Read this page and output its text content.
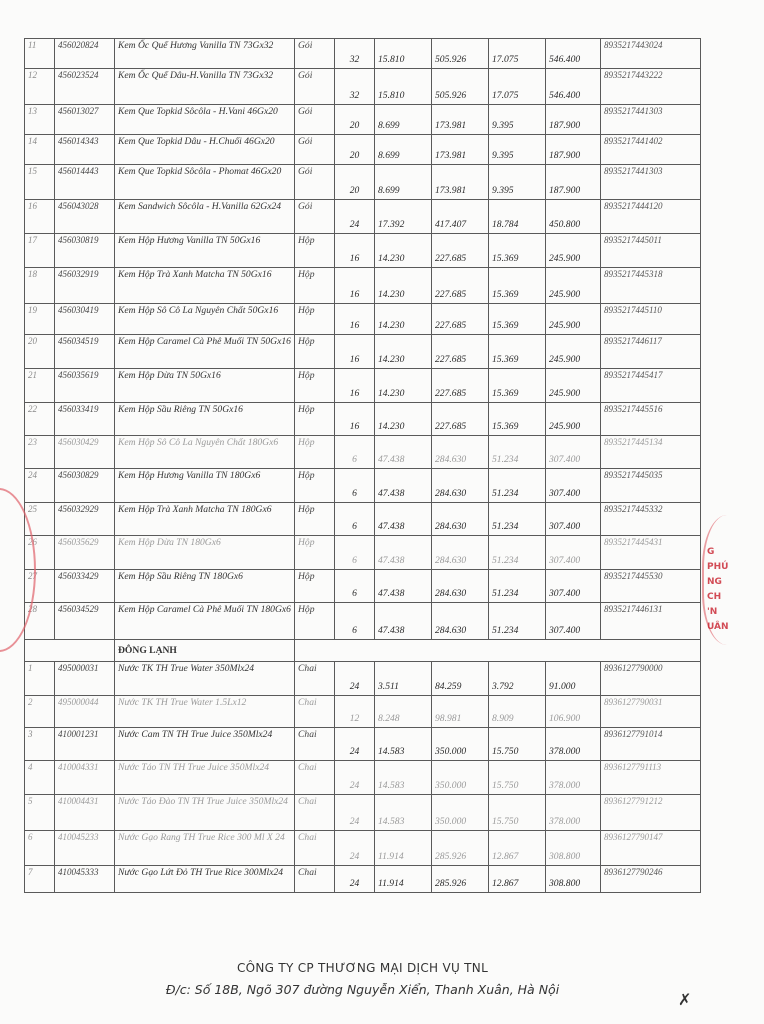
11	456020824	Kem Ốc Quế Hương Vanilla TN 73Gx32	Gói	32	15.810	505.926	17.075	546.400	8935217443024
12	456023524	Kem Ốc Quế Dâu-H.Vanilla TN 73Gx32	Gói	32	15.810	505.926	17.075	546.400	8935217443222
13	456013027	Kem Que Topkid Sôcôla - H.Vani 46Gx20	Gói	20	8.699	173.981	9.395	187.900	8935217441303
14	456014343	Kem Que Topkid Dâu - H.Chuối 46Gx20	Gói	20	8.699	173.981	9.395	187.900	8935217441402
15	456014443	Kem Que Topkid Sôcôla - Phomat 46Gx20	Gói	20	8.699	173.981	9.395	187.900	8935217441303
16	456043028	Kem Sandwich Sôcôla - H.Vanilla 62Gx24	Gói	24	17.392	417.407	18.784	450.800	8935217444120
17	456030819	Kem Hộp Hương Vanilla TN 50Gx16	Hộp	16	14.230	227.685	15.369	245.900	8935217445011
18	456032919	Kem Hộp Trà Xanh Matcha TN 50Gx16	Hộp	16	14.230	227.685	15.369	245.900	8935217445318
19	456030419	Kem Hộp Sô Cô La Nguyên Chất 50Gx16	Hộp	16	14.230	227.685	15.369	245.900	8935217445110
20	456034519	Kem Hộp Caramel Cà Phê Muối TN 50Gx16	Hộp	16	14.230	227.685	15.369	245.900	8935217446117
21	456035619	Kem Hộp Dừa TN 50Gx16	Hộp	16	14.230	227.685	15.369	245.900	8935217445417
22	456033419	Kem Hộp Sầu Riêng TN 50Gx16	Hộp	16	14.230	227.685	15.369	245.900	8935217445516
23	456030429	Kem Hộp Sô Cô La Nguyên Chất 180Gx6	Hộp	6	47.438	284.630	51.234	307.400	8935217445134
24	456030829	Kem Hộp Hương Vanilla TN 180Gx6	Hộp	6	47.438	284.630	51.234	307.400	8935217445035
25	456032929	Kem Hộp Trà Xanh Matcha TN 180Gx6	Hộp	6	47.438	284.630	51.234	307.400	8935217445332
26	456035629	Kem Hộp Dừa TN 180Gx6	Hộp	6	47.438	284.630	51.234	307.400	8935217445431
27	456033429	Kem Hộp Sầu Riêng TN 180Gx6	Hộp	6	47.438	284.630	51.234	307.400	8935217445530
28	456034529	Kem Hộp Caramel Cà Phê Muối TN 180Gx6	Hộp	6	47.438	284.630	51.234	307.400	8935217446131
		ĐÔNG LẠNH							
1	495000031	Nước TK TH True Water 350Mlx24	Chai	24	3.511	84.259	3.792	91.000	8936127790000
2	495000044	Nước TK TH True Water 1.5Lx12	Chai	12	8.248	98.981	8.909	106.900	8936127790031
3	410001231	Nước Cam TN TH True Juice 350Mlx24	Chai	24	14.583	350.000	15.750	378.000	8936127791014
4	410004331	Nước Táo TN TH True Juice 350Mlx24	Chai	24	14.583	350.000	15.750	378.000	8936127791113
5	410004431	Nước Táo Đào TN TH True Juice 350Mlx24	Chai	24	14.583	350.000	15.750	378.000	8936127791212
6	410045233	Nước Gạo Rang TH True Rice 300 Ml X 24	Chai	24	11.914	285.926	12.867	308.800	8936127790147
7	410045333	Nước Gạo Lứt Đỏ TH True Rice 300Mlx24	Chai	24	11.914	285.926	12.867	308.800	8936127790246
G
PHÚ
NG
CH
'N
UÂN
CÔNG TY CP THƯƠNG MẠI DỊCH VỤ TNL
Đ/c: Số 18B, Ngõ 307 đường Nguyễn Xiển, Thanh Xuân, Hà Nội
✗
